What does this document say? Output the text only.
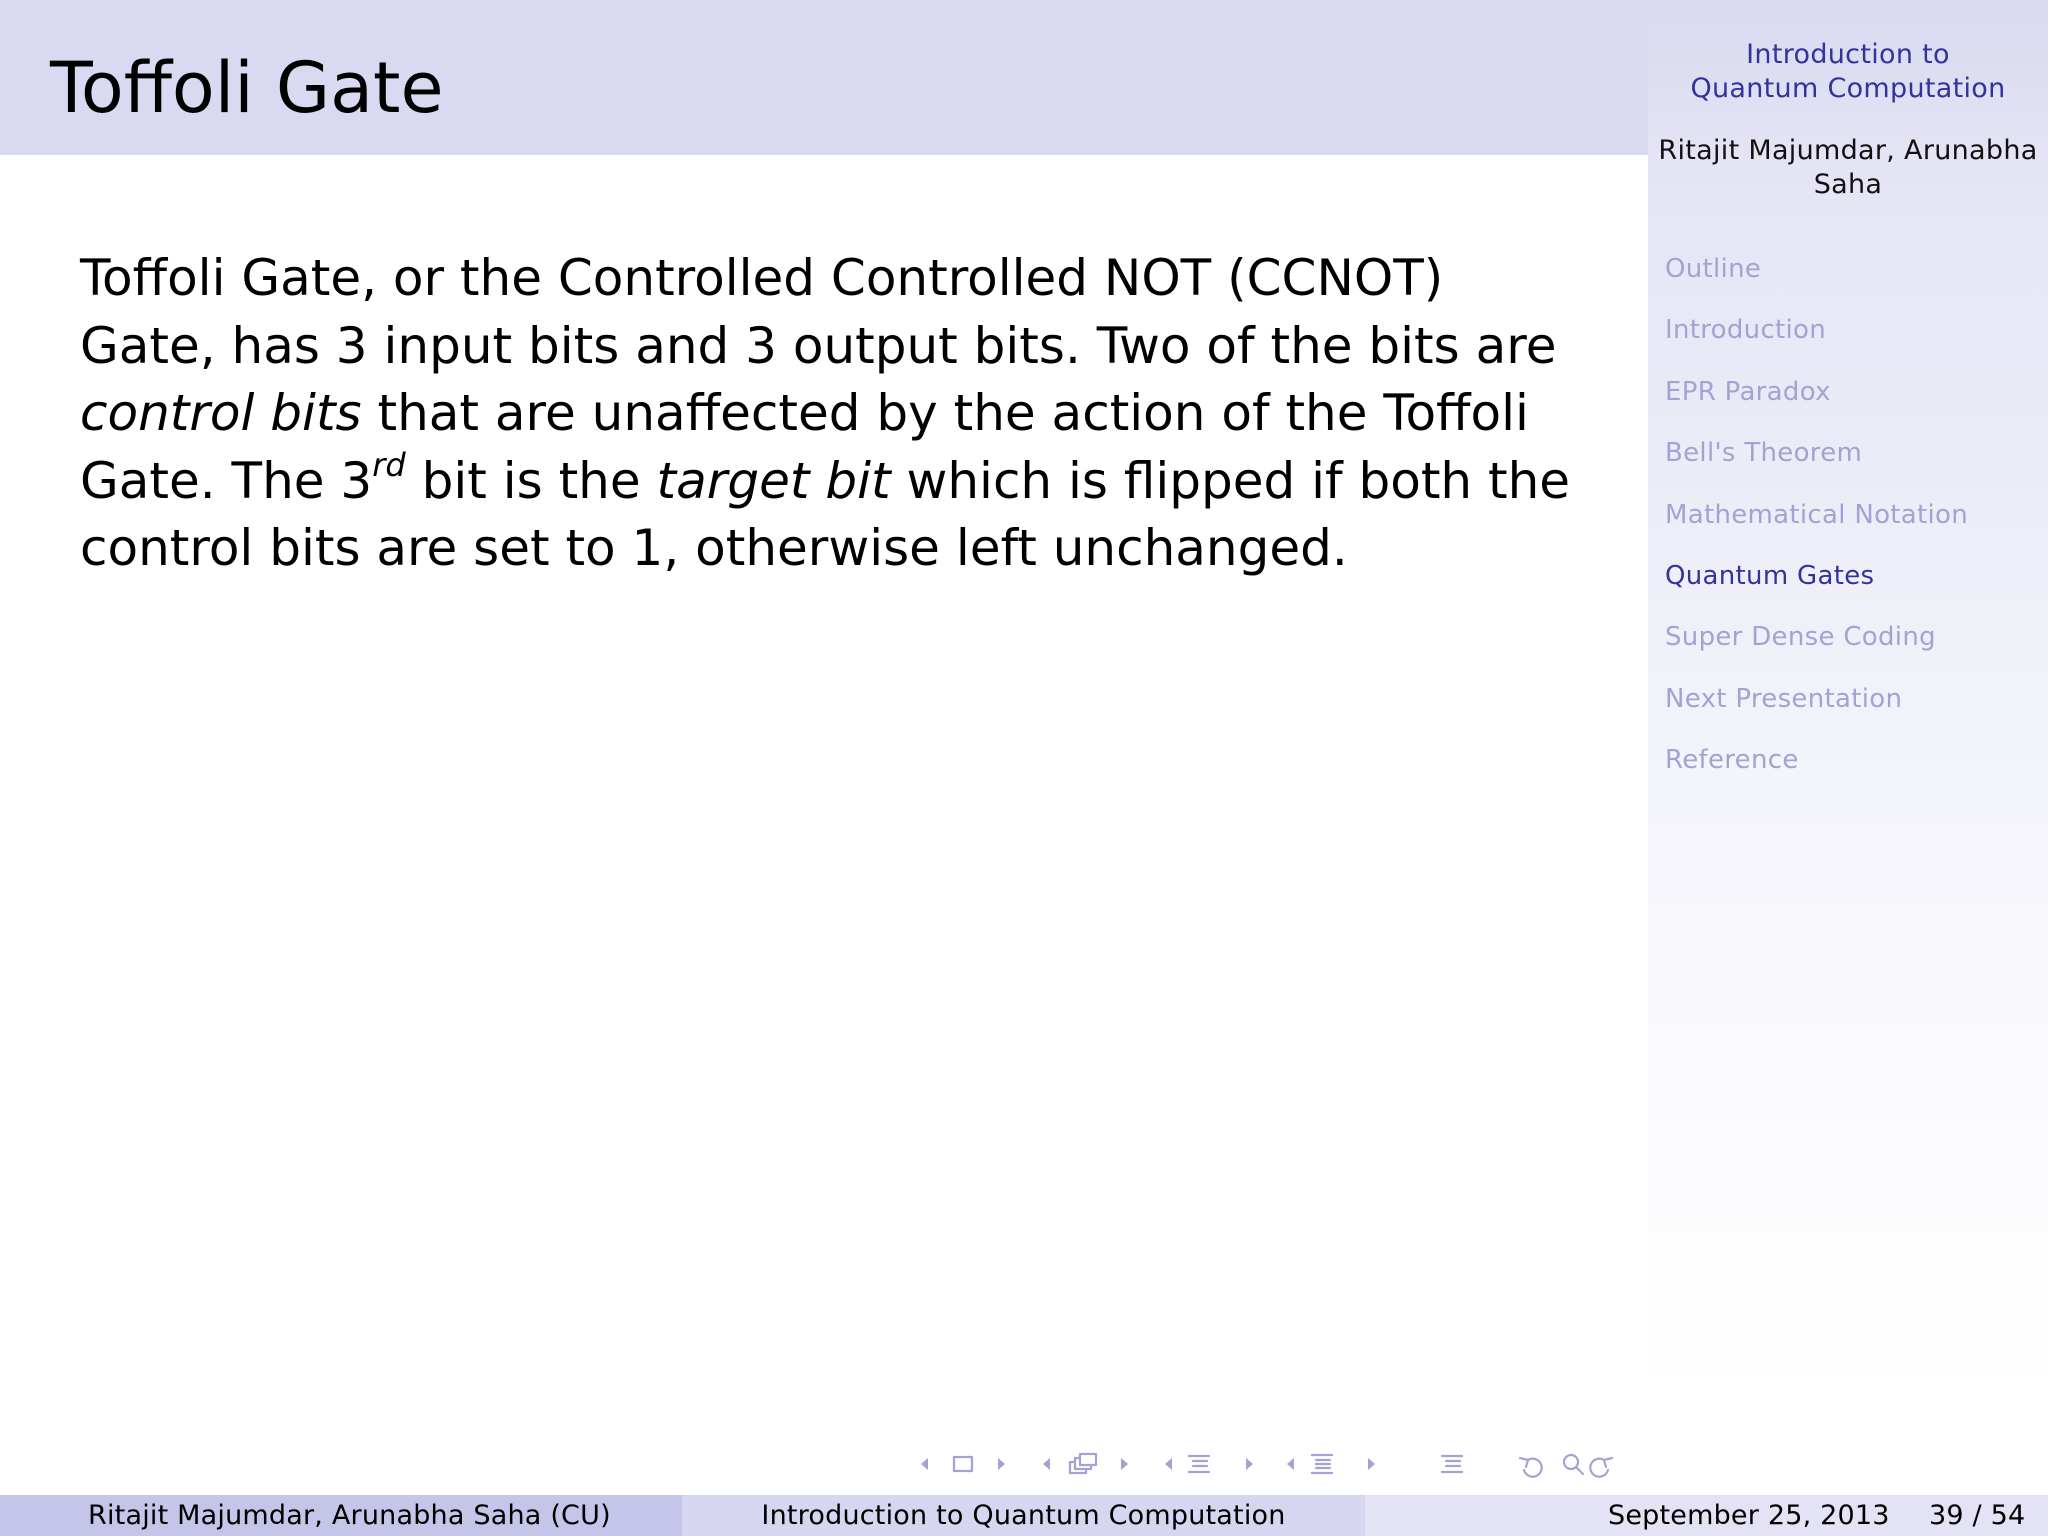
Introduction to Quantum Computation
Ritajit Majumdar, Arunabha Saha
Outline
Introduction
EPR Paradox
Bell's Theorem
Mathematical Notation
Quantum Gates
Super Dense Coding
Next Presentation
Reference
Toffoli Gate

Toffoli Gate, or the Controlled Controlled NOT (CCNOT)
Gate, has 3 input bits and 3 output bits. Two of the bits are
control bits that are unaffected by the action of the Toffoli
Gate. The 3rd bit is the target bit which is flipped if both the
control bits are set to 1, otherwise left unchanged.

Ritajit Majumdar, Arunabha Saha (CU)	Introduction to Quantum Computation	September 25, 2013 39 / 54
